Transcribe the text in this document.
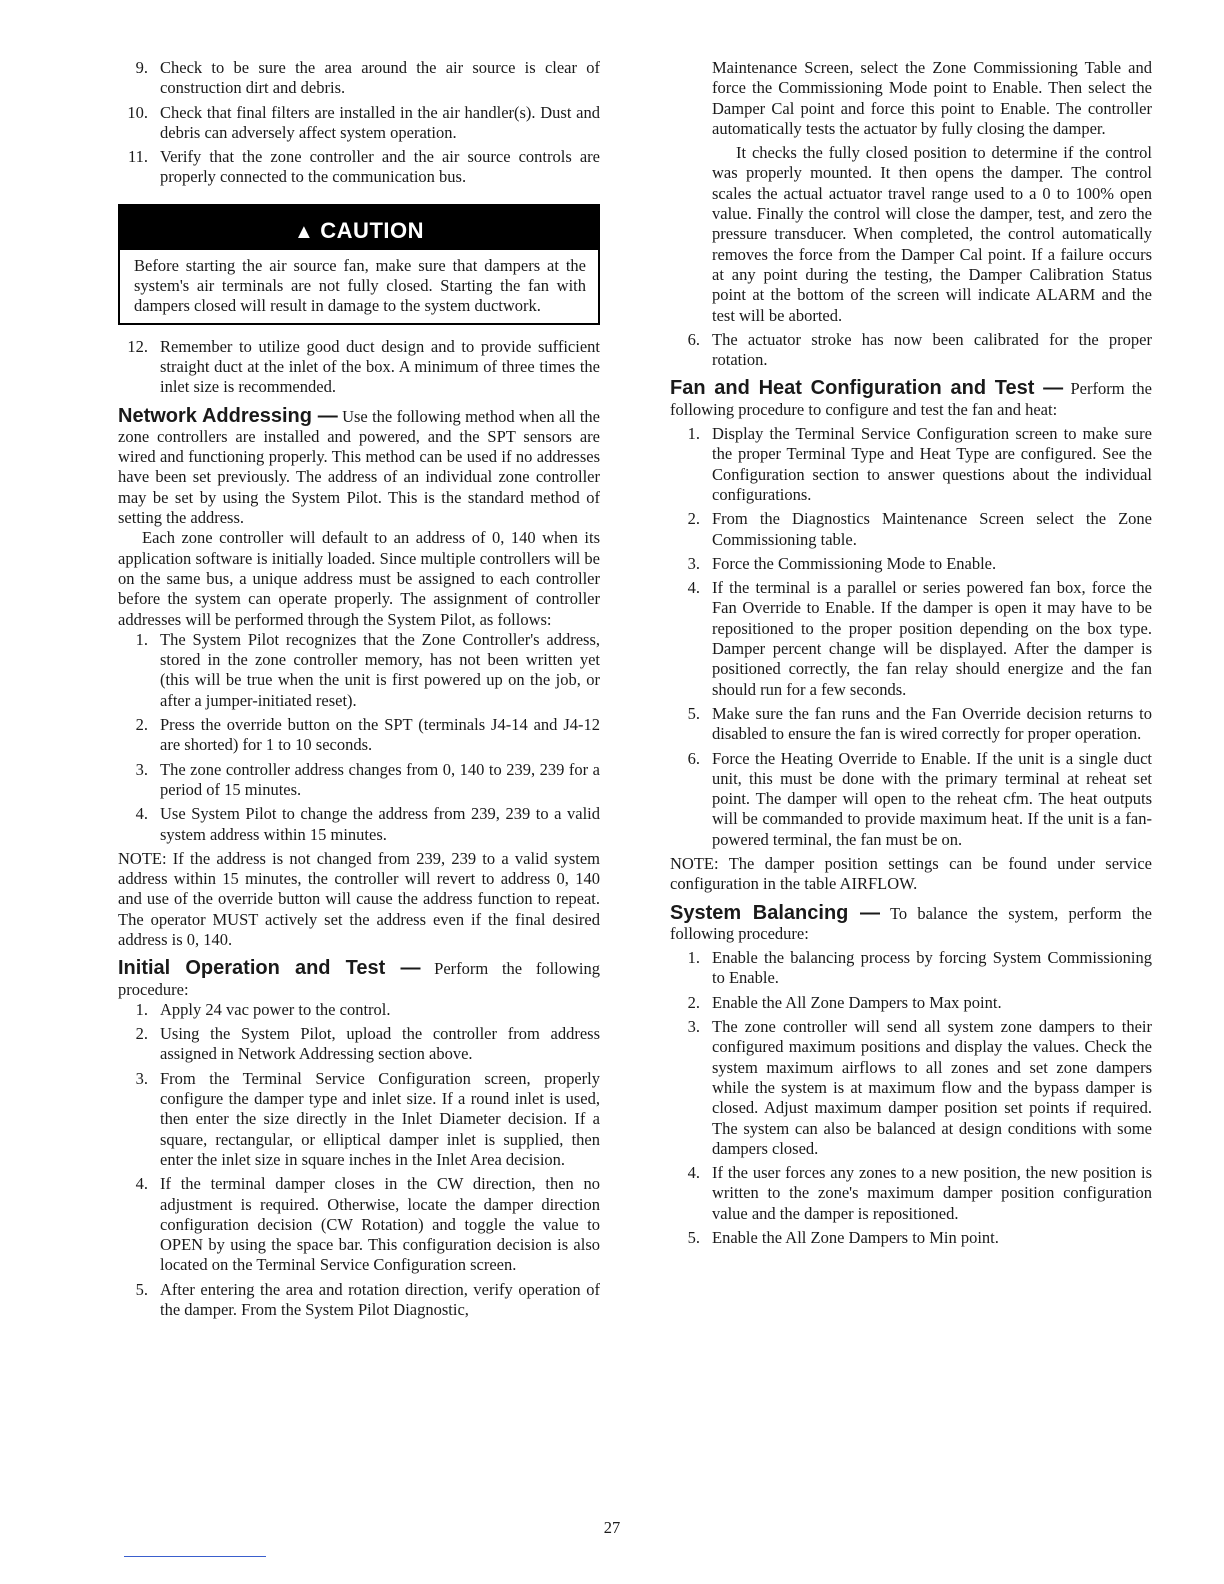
9. Check to be sure the area around the air source is clear of construction dirt and debris.
10. Check that final filters are installed in the air handler(s). Dust and debris can adversely affect system operation.
11. Verify that the zone controller and the air source controls are properly connected to the communication bus.
▲ CAUTION
Before starting the air source fan, make sure that dampers at the system's air terminals are not fully closed. Starting the fan with dampers closed will result in damage to the system ductwork.
12. Remember to utilize good duct design and to provide sufficient straight duct at the inlet of the box. A minimum of three times the inlet size is recommended.

Network Addressing — Use the following method when all the zone controllers are installed and powered, and the SPT sensors are wired and functioning properly. This method can be used if no addresses have been set previously. The address of an individual zone controller may be set by using the System Pilot. This is the standard method of setting the address.

Each zone controller will default to an address of 0, 140 when its application software is initially loaded. Since multiple controllers will be on the same bus, a unique address must be assigned to each controller before the system can operate properly. The assignment of controller addresses will be performed through the System Pilot, as follows:

1. The System Pilot recognizes that the Zone Controller's address, stored in the zone controller memory, has not been written yet (this will be true when the unit is first powered up on the job, or after a jumper-initiated reset).
2. Press the override button on the SPT (terminals J4-14 and J4-12 are shorted) for 1 to 10 seconds.
3. The zone controller address changes from 0, 140 to 239, 239 for a period of 15 minutes.
4. Use System Pilot to change the address from 239, 239 to a valid system address within 15 minutes.

NOTE: If the address is not changed from 239, 239 to a valid system address within 15 minutes, the controller will revert to address 0, 140 and use of the override button will cause the address function to repeat. The operator MUST actively set the address even if the final desired address is 0, 140.

Initial Operation and Test — Perform the following procedure:

1. Apply 24 vac power to the control.
2. Using the System Pilot, upload the controller from address assigned in Network Addressing section above.
3. From the Terminal Service Configuration screen, properly configure the damper type and inlet size. If a round inlet is used, then enter the size directly in the Inlet Diameter decision. If a square, rectangular, or elliptical damper inlet is supplied, then enter the inlet size in square inches in the Inlet Area decision.
4. If the terminal damper closes in the CW direction, then no adjustment is required. Otherwise, locate the damper direction configuration decision (CW Rotation) and toggle the value to OPEN by using the space bar. This configuration decision is also located on the Terminal Service Configuration screen.
5. After entering the area and rotation direction, verify operation of the damper. From the System Pilot Diagnostic,
Maintenance Screen, select the Zone Commissioning Table and force the Commissioning Mode point to Enable. Then select the Damper Cal point and force this point to Enable. The controller automatically tests the actuator by fully closing the damper.

It checks the fully closed position to determine if the control was properly mounted. It then opens the damper. The control scales the actual actuator travel range used to a 0 to 100% open value. Finally the control will close the damper, test, and zero the pressure transducer. When completed, the control automatically removes the force from the Damper Cal point. If a failure occurs at any point during the testing, the Damper Calibration Status point at the bottom of the screen will indicate ALARM and the test will be aborted.

6. The actuator stroke has now been calibrated for the proper rotation.

Fan and Heat Configuration and Test — Perform the following procedure to configure and test the fan and heat:

1. Display the Terminal Service Configuration screen to make sure the proper Terminal Type and Heat Type are configured. See the Configuration section to answer questions about the individual configurations.
2. From the Diagnostics Maintenance Screen select the Zone Commissioning table.
3. Force the Commissioning Mode to Enable.
4. If the terminal is a parallel or series powered fan box, force the Fan Override to Enable. If the damper is open it may have to be repositioned to the proper position depending on the box type. Damper percent change will be displayed. After the damper is positioned correctly, the fan relay should energize and the fan should run for a few seconds.
5. Make sure the fan runs and the Fan Override decision returns to disabled to ensure the fan is wired correctly for proper operation.
6. Force the Heating Override to Enable. If the unit is a single duct unit, this must be done with the primary terminal at reheat set point. The damper will open to the reheat cfm. The heat outputs will be commanded to provide maximum heat. If the unit is a fan-powered terminal, the fan must be on.

NOTE: The damper position settings can be found under service configuration in the table AIRFLOW.

System Balancing — To balance the system, perform the following procedure:

1. Enable the balancing process by forcing System Commissioning to Enable.
2. Enable the All Zone Dampers to Max point.
3. The zone controller will send all system zone dampers to their configured maximum positions and display the values. Check the system maximum airflows to all zones and set zone dampers while the system is at maximum flow and the bypass damper is closed. Adjust maximum damper position set points if required. The system can also be balanced at design conditions with some dampers closed.
4. If the user forces any zones to a new position, the new position is written to the zone's maximum damper position configuration value and the damper is repositioned.
5. Enable the All Zone Dampers to Min point.
27
